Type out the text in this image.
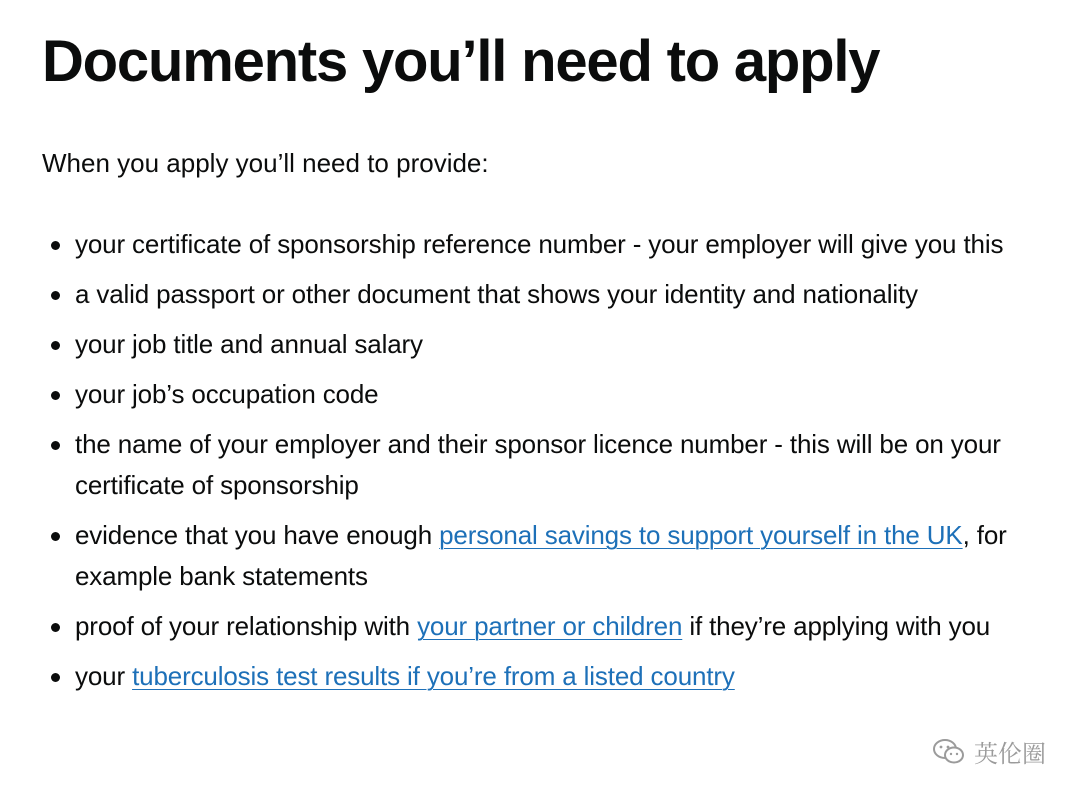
Documents you’ll need to apply

When you apply you’ll need to provide:

your certificate of sponsorship reference number - your employer will give you this
a valid passport or other document that shows your identity and nationality
your job title and annual salary
your job’s occupation code
the name of your employer and their sponsor licence number - this will be on your certificate of sponsorship
evidence that you have enough personal savings to support yourself in the UK, for example bank statements
proof of your relationship with your partner or children if they’re applying with you
your tuberculosis test results if you’re from a listed country
英伦圈
